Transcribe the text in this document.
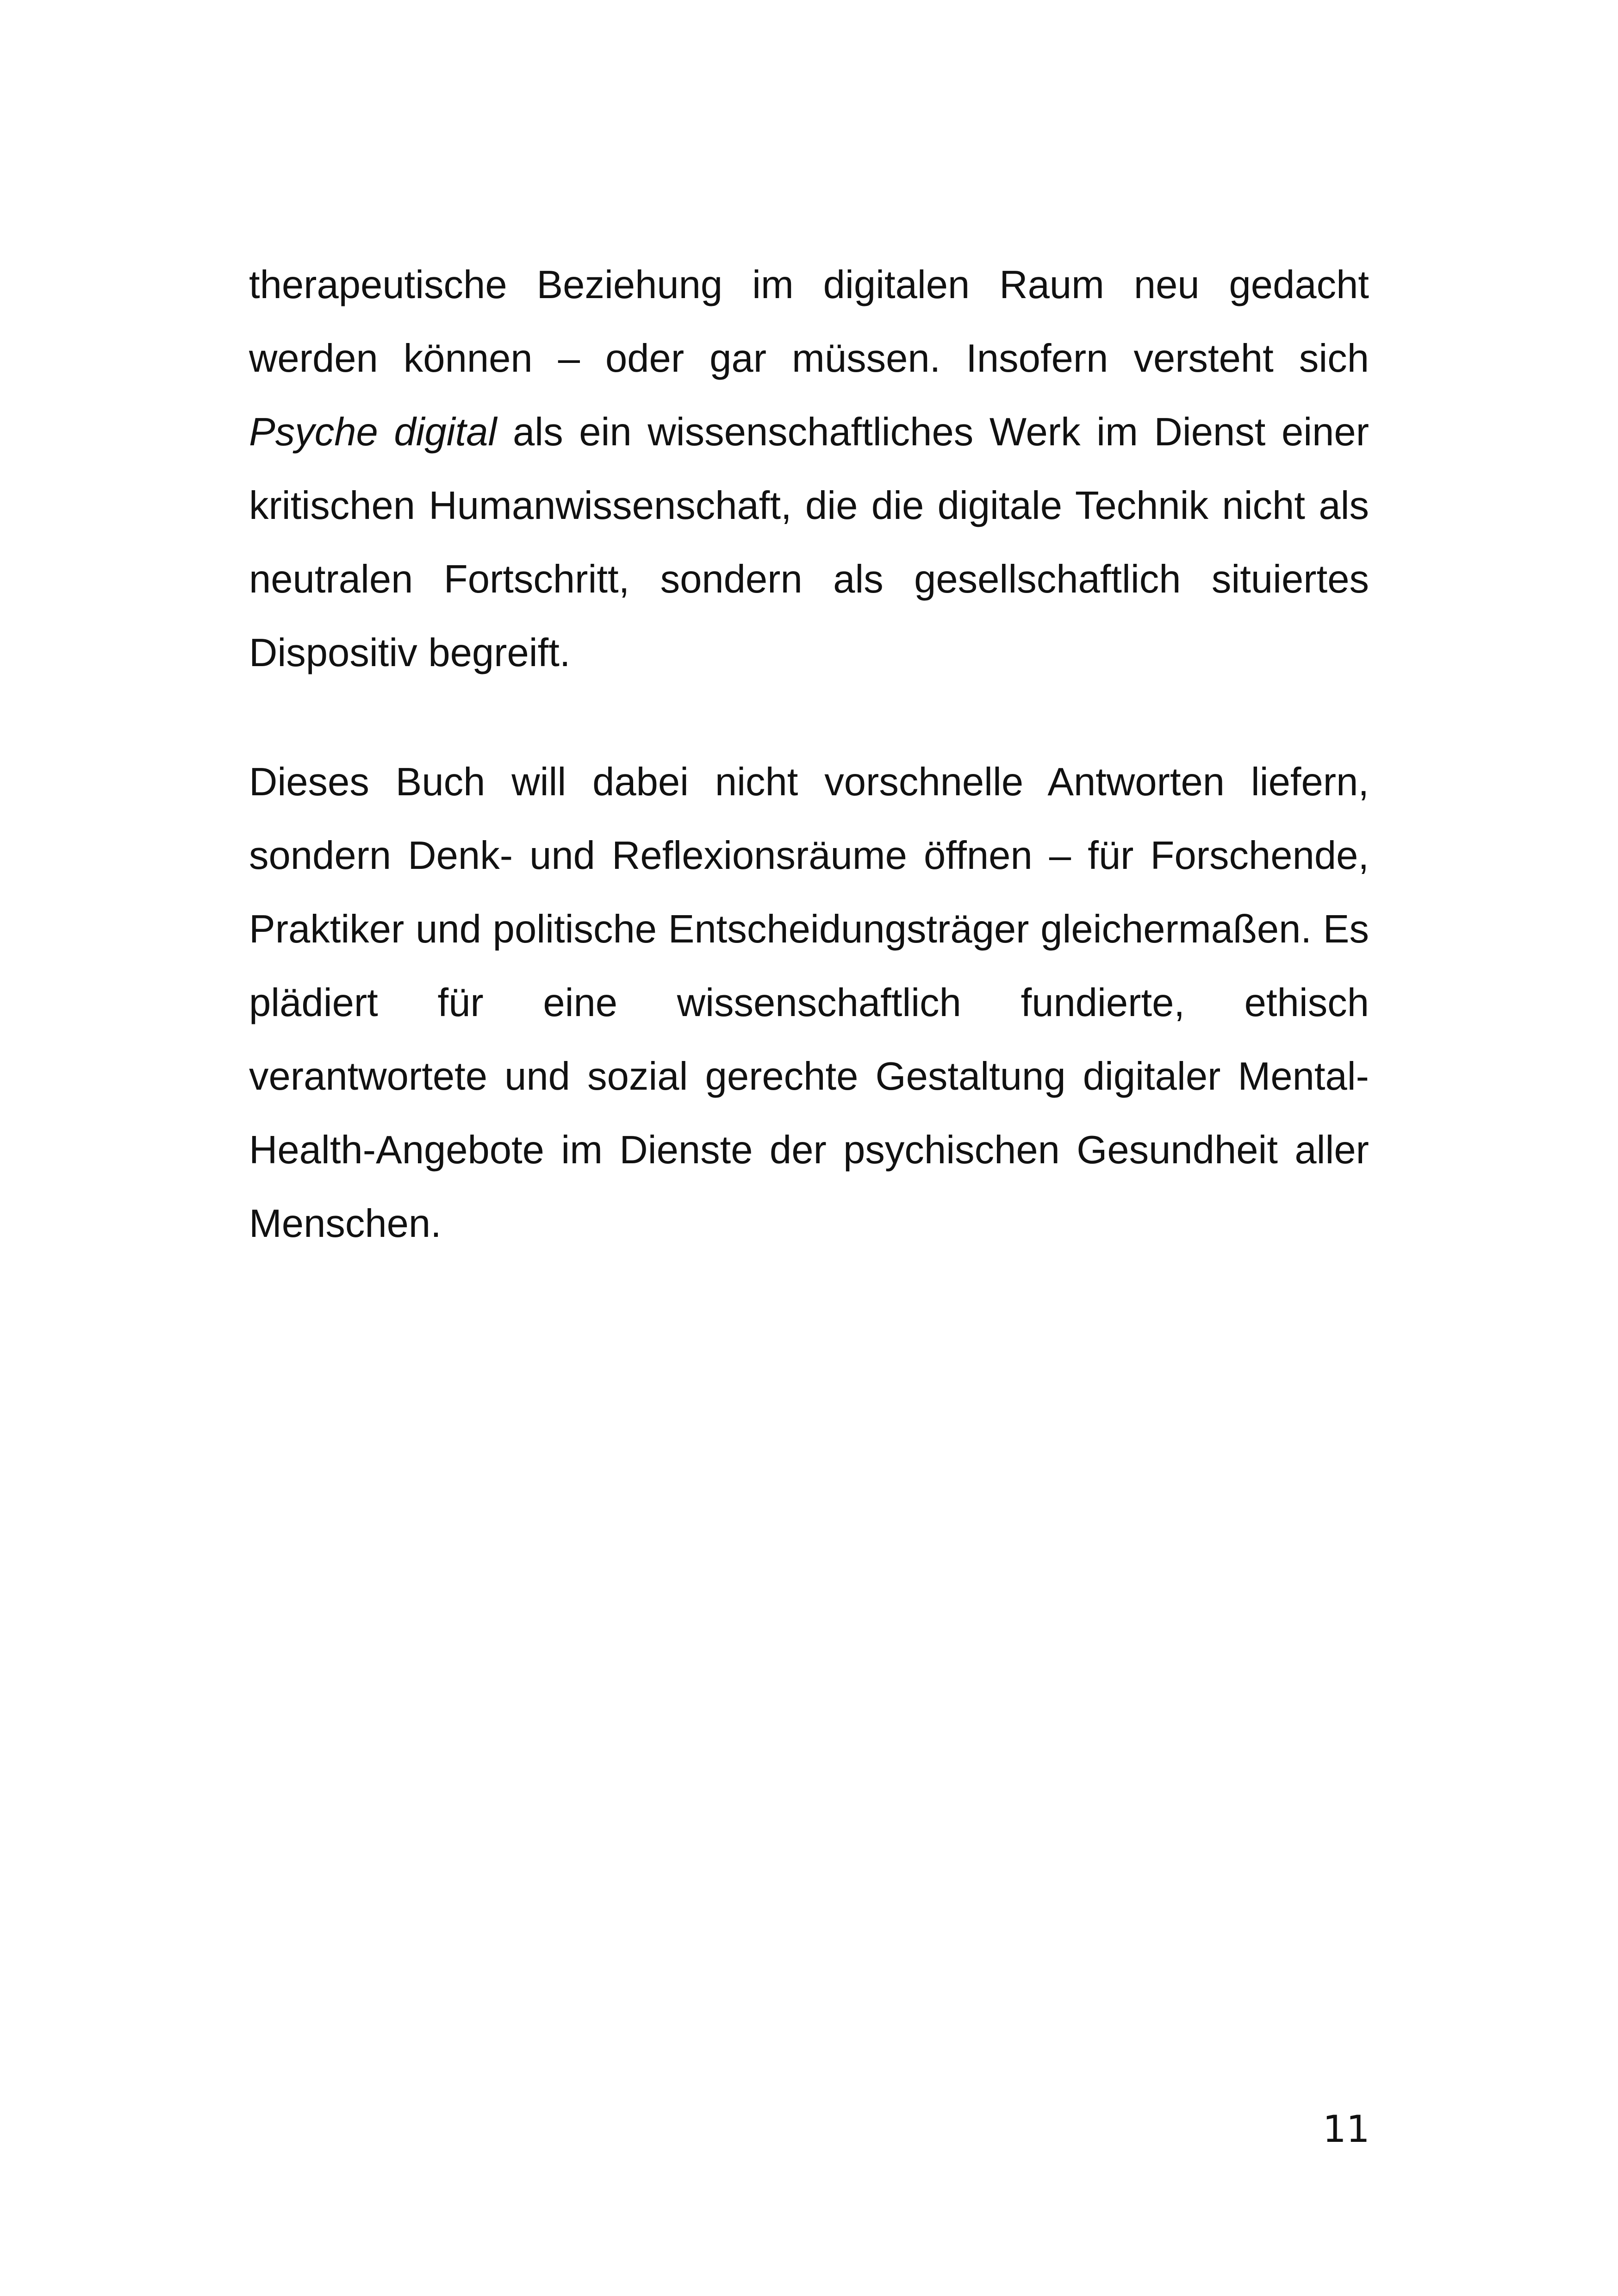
therapeutische Beziehung im digitalen Raum neu gedacht werden können – oder gar müssen. Insofern versteht sich Psyche digital als ein wissenschaftliches Werk im Dienst einer kritischen Humanwissenschaft, die die digitale Technik nicht als neutralen Fortschritt, sondern als gesellschaftlich situiertes Dispositiv begreift.

Dieses Buch will dabei nicht vorschnelle Antworten liefern, sondern Denk- und Reflexionsräume öffnen – für Forschende, Praktiker und politische Entscheidungsträger gleichermaßen. Es plädiert für eine wissenschaftlich fundierte, ethisch verantwortete und sozial gerechte Gestaltung digitaler Mental-Health-Angebote im Dienste der psychischen Gesundheit aller Menschen.

11
